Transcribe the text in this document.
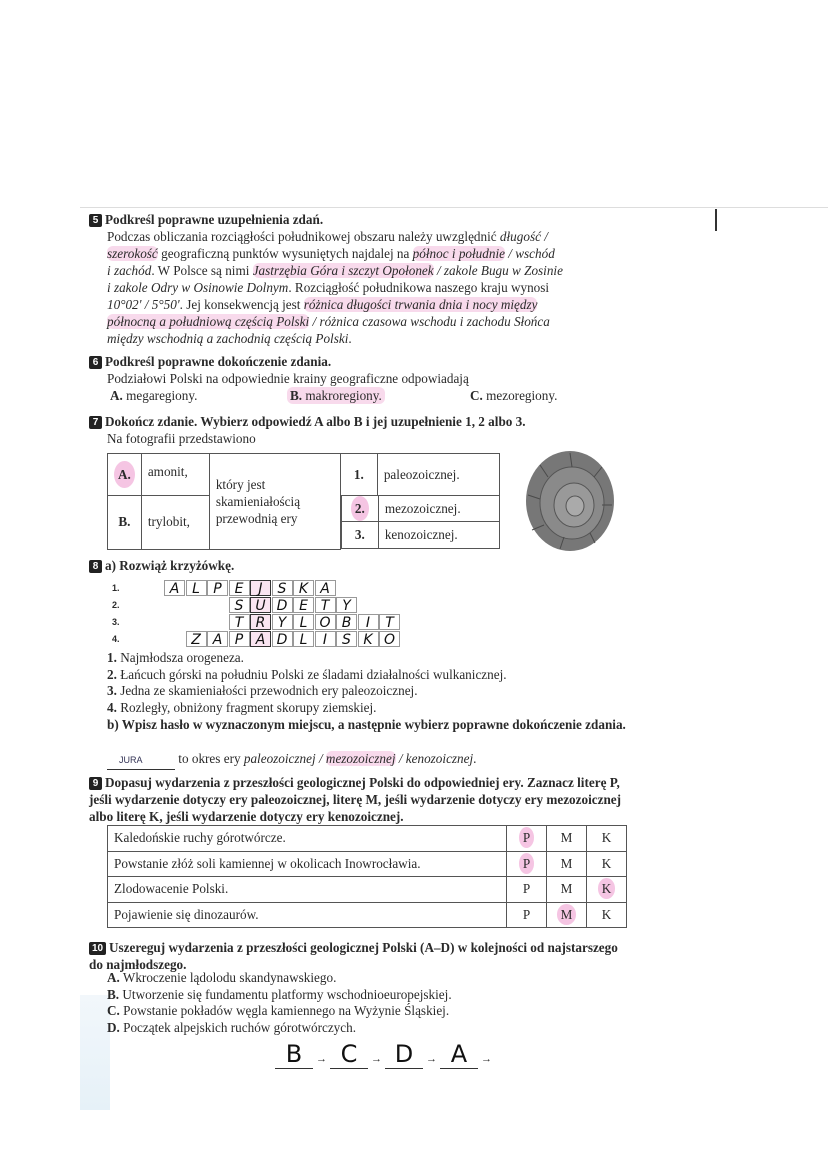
5 Podkreśl poprawne uzupełnienia zdań.
Podczas obliczania rozciągłości południkowej obszaru należy uwzględnić długość /
szerokość geograficzną punktów wysuniętych najdalej na północ i południe / wschód
i zachód. W Polsce są nimi Jastrzębia Góra i szczyt Opołonek / zakole Bugu w Zosinie
i zakole Odry w Osinowie Dolnym. Rozciągłość południkowa naszego kraju wynosi
10°02' / 5°50'. Jej konsekwencją jest różnica długości trwania dnia i nocy między
północną a południową częścią Polski / różnica czasowa wschodu i zachodu Słońca
między wschodnią a zachodnią częścią Polski.
6 Podkreśl poprawne dokończenie zdania.
Podziałowi Polski na odpowiednie krainy geograficzne odpowiadają
A. megaregiony.	B. makroregiony.	C. mezoregiony.
7 Dokończ zdanie. Wybierz odpowiedź A albo B i jej uzupełnienie 1, 2 albo 3.
Na fotografii przedstawiono
A.	amonit,	który jest skamieniałością przewodnią ery	1.	paleozoicznej.
B.	trylobit,	
2.	mezozoicznej.
3.	kenozoicznej.
8 a) Rozwiąż krzyżówkę.
1.	A L P E	J	S K A
2.	S U D E T Y
3.	T R Y L O B	I	T
4.	Z A P A D L	I	S K O
1. Najmłodsza orogeneza.
2. Łańcuch górski na południu Polski ze śladami działalności wulkanicznej.
3. Jedna ze skamieniałości przewodnich ery paleozoicznej.
4. Rozległy, obniżony fragment skorupy ziemskiej.
b) Wpisz hasło w wyznaczonym miejscu, a następnie wybierz poprawne dokończenie zdania.
JURA to okres ery paleozoicznej / mezozoicznej / kenozoicznej.
9 Dopasuj wydarzenia z przeszłości geologicznej Polski do odpowiedniej ery. Zaznacz literę P, jeśli wydarzenie dotyczy ery paleozoicznej, literę M, jeśli wydarzenie dotyczy ery mezozoicznej albo literę K, jeśli wydarzenie dotyczy ery kenozoicznej.
Kaledońskie ruchy górotwórcze.	P	M	K
Powstanie złóż soli kamiennej w okolicach Inowrocławia.	P	M	K
Zlodowacenie Polski.	P	M	K
Pojawienie się dinozaurów.	P	M	K
10 Uszereguj wydarzenia z przeszłości geologicznej Polski (A–D) w kolejności od najstarszego do najmłodszego.
A. Wkroczenie lądolodu skandynawskiego.
B. Utworzenie się fundamentu platformy wschodnioeuropejskiej.
C. Powstanie pokładów węgla kamiennego na Wyżynie Śląskiej.
D. Początek alpejskich ruchów górotwórczych.
B → C → D → A →
